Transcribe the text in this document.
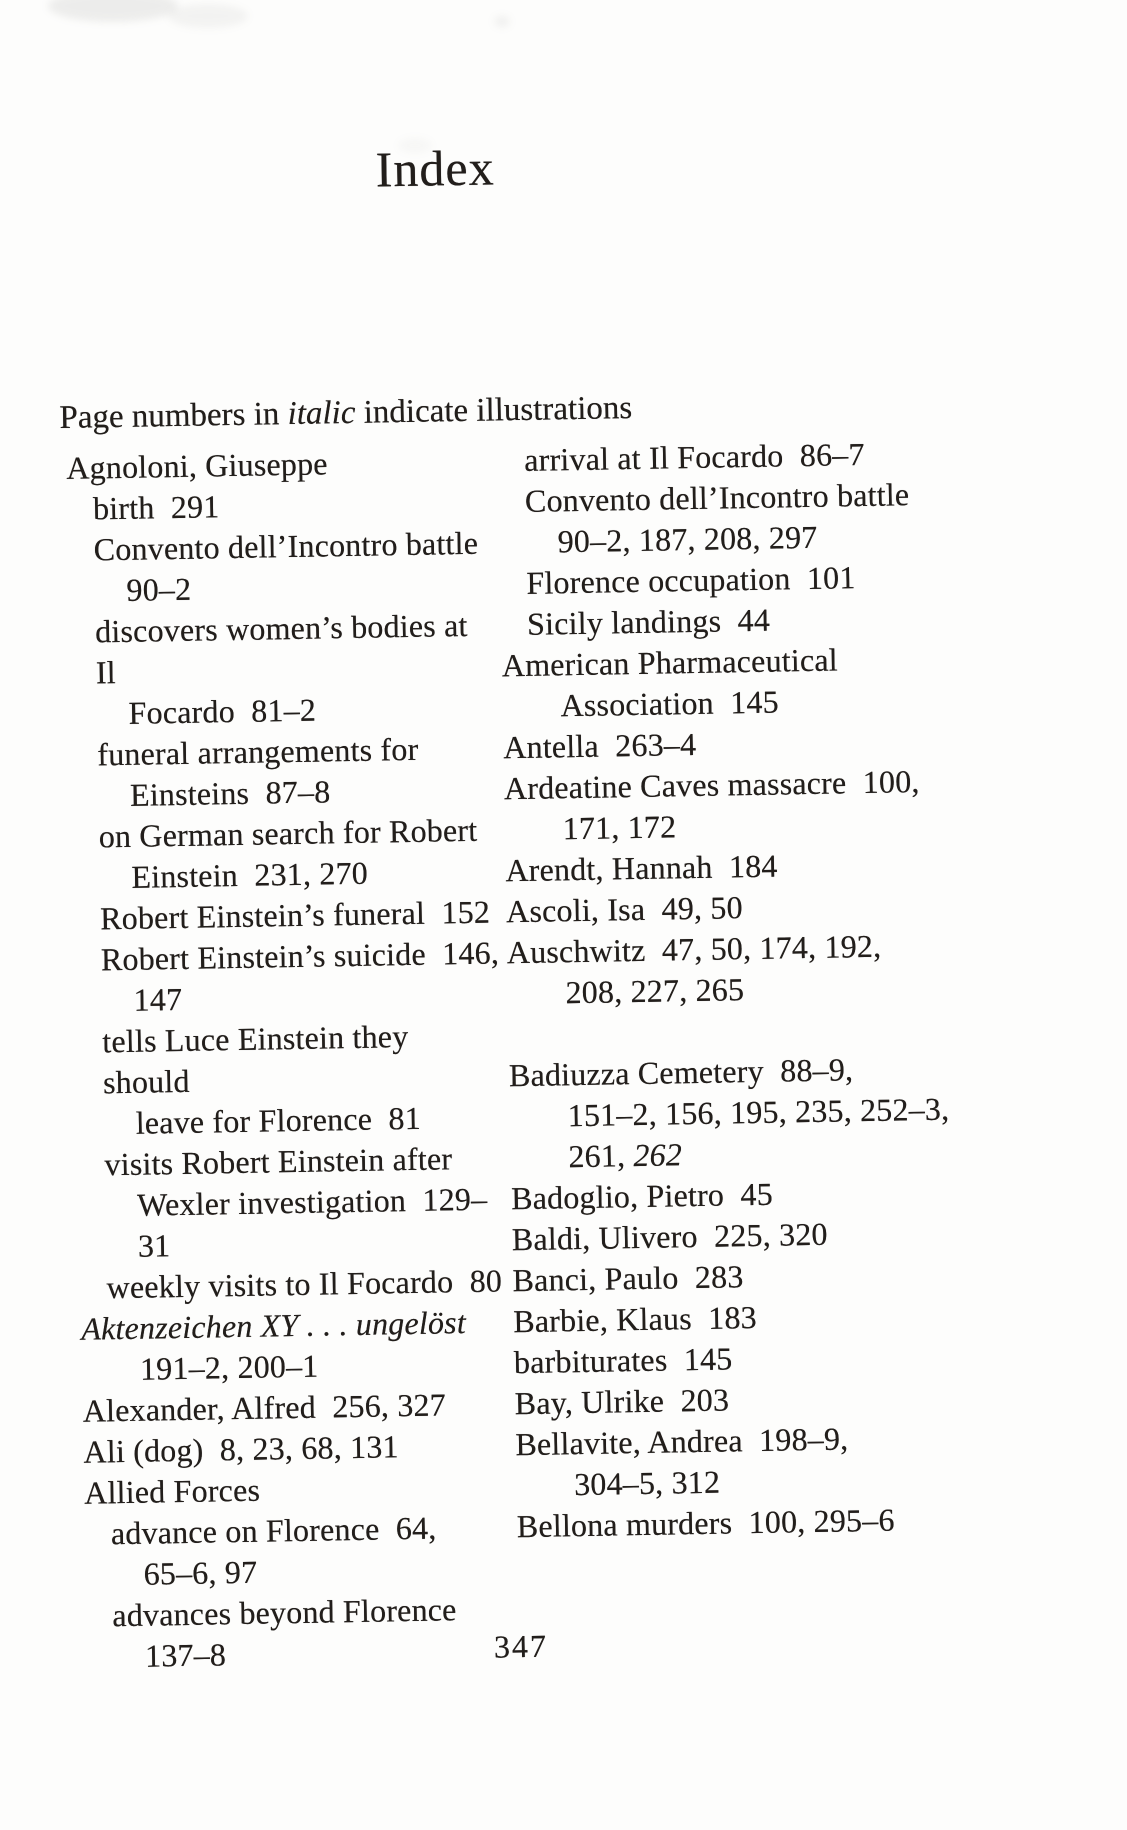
Index

Page numbers in italic indicate illustrations

Agnoloni, Giuseppe
birth  291
Convento dell’Incontro battle
90–2
discovers women’s bodies at Il
Focardo  81–2
funeral arrangements for
Einsteins  87–8
on German search for Robert
Einstein  231, 270
Robert Einstein’s funeral  152
Robert Einstein’s suicide  146,
147
tells Luce Einstein they should
leave for Florence  81
visits Robert Einstein after
Wexler investigation  129–31
weekly visits to Il Focardo  80
Aktenzeichen XY . . . ungelöst
191–2, 200–1
Alexander, Alfred  256, 327
Ali (dog)  8, 23, 68, 131
Allied Forces
advance on Florence  64,
65–6, 97
advances beyond Florence
137–8
arrival at Il Focardo  86–7
Convento dell’Incontro battle
90–2, 187, 208, 297
Florence occupation  101
Sicily landings  44
American Pharmaceutical
Association  145
Antella  263–4
Ardeatine Caves massacre  100,
171, 172
Arendt, Hannah  184
Ascoli, Isa  49, 50
Auschwitz  47, 50, 174, 192,
208, 227, 265
Badiuzza Cemetery  88–9,
151–2, 156, 195, 235, 252–3,
261, 262
Badoglio, Pietro  45
Baldi, Ulivero  225, 320
Banci, Paulo  283
Barbie, Klaus  183
barbiturates  145
Bay, Ulrike  203
Bellavite, Andrea  198–9,
304–5, 312
Bellona murders  100, 295–6
347
